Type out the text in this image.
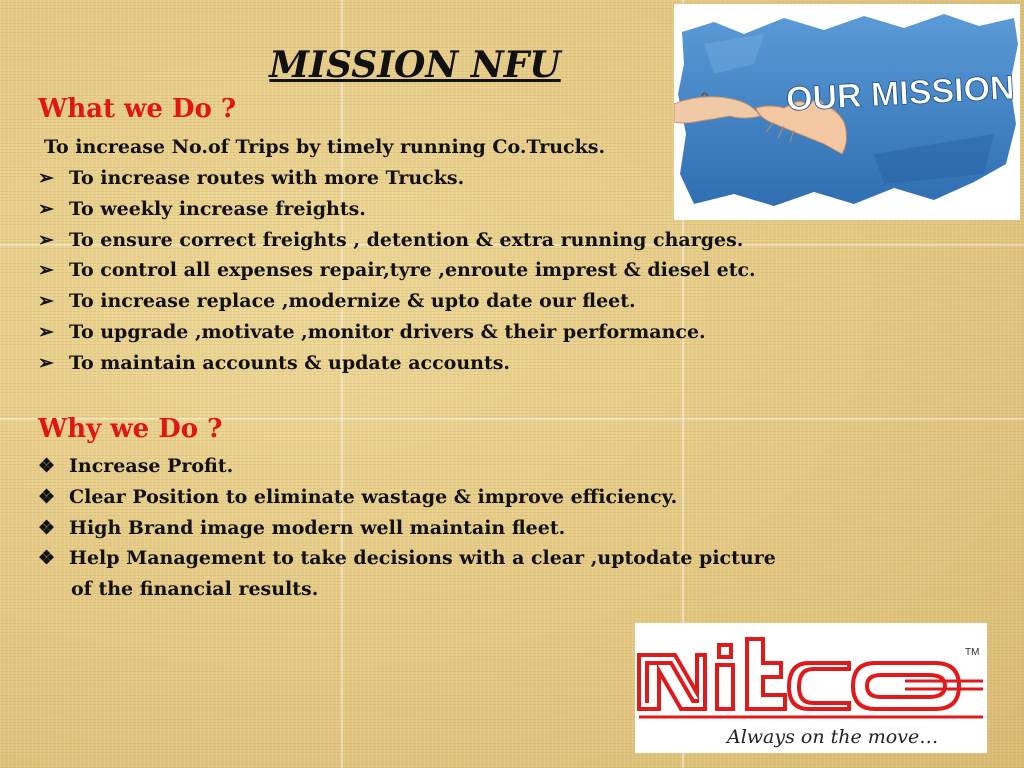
MISSION NFU
What we Do ?
To increase No.of Trips by timely running Co.Trucks.
➢ To increase routes with more Trucks.
➢ To weekly increase freights.
➢ To ensure correct freights , detention & extra running charges.
➢ To control all expenses repair,tyre ,enroute imprest & diesel etc.
➢ To increase replace ,modernize & upto date our fleet.
➢ To upgrade ,motivate ,monitor drivers & their performance.
➢ To maintain accounts & update accounts.
Why we Do ?
❖ Increase Profit.
❖ Clear Position to eliminate wastage & improve efficiency.
❖ High Brand image modern well maintain fleet.
❖ Help Management to take decisions with a clear ,uptodate picture
of the financial results.
OUR MISSION
TM
Always on the move…
